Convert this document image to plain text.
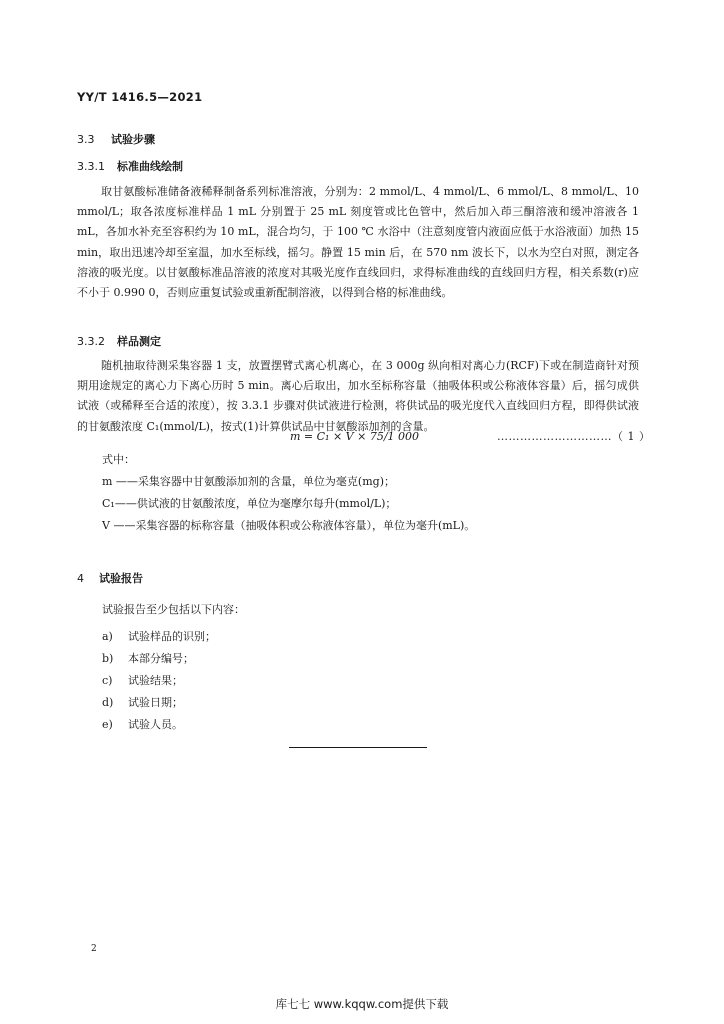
YY/T 1416.5—2021
3.3 试验步骤
3.3.1 标准曲线绘制
取甘氨酸标准储备液稀释制备系列标准溶液，分别为：2 mmol/L、4 mmol/L、6 mmol/L、8 mmol/L、10 mmol/L；取各浓度标准样品 1 mL 分别置于 25 mL 刻度管或比色管中，然后加入茚三酮溶液和缓冲溶液各 1 mL，各加水补充至容积约为 10 mL，混合均匀，于 100 ℃ 水浴中（注意刻度管内液面应低于水浴液面）加热 15 min，取出迅速冷却至室温，加水至标线，摇匀。静置 15 min 后，在 570 nm 波长下，以水为空白对照，测定各溶液的吸光度。以甘氨酸标准品溶液的浓度对其吸光度作直线回归，求得标准曲线的直线回归方程，相关系数(r)应不小于 0.990 0，否则应重复试验或重新配制溶液，以得到合格的标准曲线。
3.3.2 样品测定
随机抽取待测采集容器 1 支，放置摆臂式离心机离心，在 3 000g 纵向相对离心力(RCF)下或在制造商针对预期用途规定的离心力下离心历时 5 min。离心后取出，加水至标称容量（抽吸体积或公称液体容量）后，摇匀成供试液（或稀释至合适的浓度），按 3.3.1 步骤对供试液进行检测，将供试品的吸光度代入直线回归方程，即得供试液的甘氨酸浓度 C₁(mmol/L)，按式(1)计算供试品中甘氨酸添加剂的含量。
m = C₁ × V × 75/1 000	…………………………（ 1 ）
式中：
m ——采集容器中甘氨酸添加剂的含量，单位为毫克(mg)；
C₁——供试液的甘氨酸浓度，单位为毫摩尔每升(mmol/L)；
V ——采集容器的标称容量（抽吸体积或公称液体容量），单位为毫升(mL)。
4 试验报告
试验报告至少包括以下内容：
a) 试验样品的识别；
b) 本部分编号；
c) 试验结果；
d) 试验日期；
e) 试验人员。
2
库七七 www.kqqw.com提供下载
